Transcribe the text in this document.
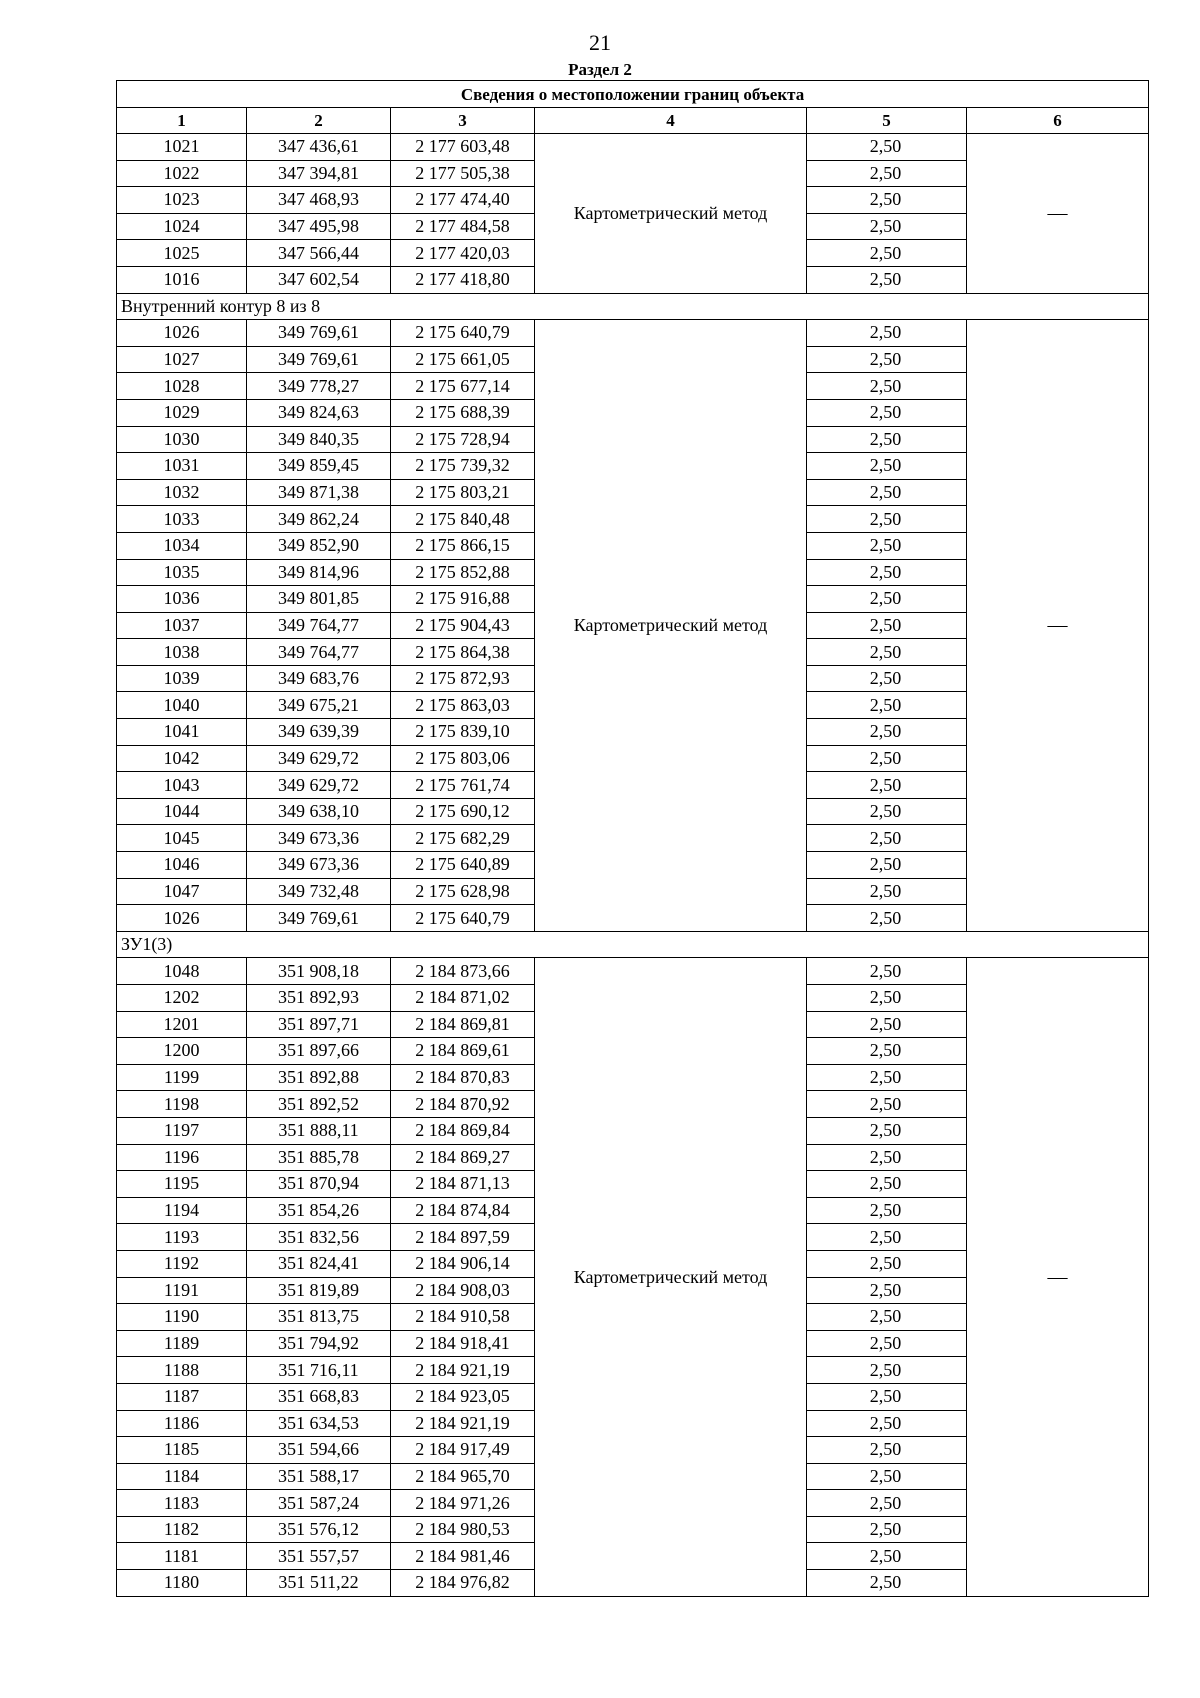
21
Раздел 2
Сведения о местоположении границ объекта					
1	2	3	4	5	6
1021	347 436,61	2 177 603,48	Картометрический метод	2,50	—
1022	347 394,81	2 177 505,38		2,50	
1023	347 468,93	2 177 474,40		2,50	
1024	347 495,98	2 177 484,58		2,50	
1025	347 566,44	2 177 420,03		2,50	
1016	347 602,54	2 177 418,80		2,50	
Внутренний контур 8 из 8					
1026	349 769,61	2 175 640,79	Картометрический метод	2,50	—
1027	349 769,61	2 175 661,05		2,50	
1028	349 778,27	2 175 677,14		2,50	
1029	349 824,63	2 175 688,39		2,50	
1030	349 840,35	2 175 728,94		2,50	
1031	349 859,45	2 175 739,32		2,50	
1032	349 871,38	2 175 803,21		2,50	
1033	349 862,24	2 175 840,48		2,50	
1034	349 852,90	2 175 866,15		2,50	
1035	349 814,96	2 175 852,88		2,50	
1036	349 801,85	2 175 916,88		2,50	
1037	349 764,77	2 175 904,43		2,50	
1038	349 764,77	2 175 864,38		2,50	
1039	349 683,76	2 175 872,93		2,50	
1040	349 675,21	2 175 863,03		2,50	
1041	349 639,39	2 175 839,10		2,50	
1042	349 629,72	2 175 803,06		2,50	
1043	349 629,72	2 175 761,74		2,50	
1044	349 638,10	2 175 690,12		2,50	
1045	349 673,36	2 175 682,29		2,50	
1046	349 673,36	2 175 640,89		2,50	
1047	349 732,48	2 175 628,98		2,50	
1026	349 769,61	2 175 640,79		2,50	
ЗУ1(3)					
1048	351 908,18	2 184 873,66	Картометрический метод	2,50	—
1202	351 892,93	2 184 871,02		2,50	
1201	351 897,71	2 184 869,81		2,50	
1200	351 897,66	2 184 869,61		2,50	
1199	351 892,88	2 184 870,83		2,50	
1198	351 892,52	2 184 870,92		2,50	
1197	351 888,11	2 184 869,84		2,50	
1196	351 885,78	2 184 869,27		2,50	
1195	351 870,94	2 184 871,13		2,50	
1194	351 854,26	2 184 874,84		2,50	
1193	351 832,56	2 184 897,59		2,50	
1192	351 824,41	2 184 906,14		2,50	
1191	351 819,89	2 184 908,03		2,50	
1190	351 813,75	2 184 910,58		2,50	
1189	351 794,92	2 184 918,41		2,50	
1188	351 716,11	2 184 921,19		2,50	
1187	351 668,83	2 184 923,05		2,50	
1186	351 634,53	2 184 921,19		2,50	
1185	351 594,66	2 184 917,49		2,50	
1184	351 588,17	2 184 965,70		2,50	
1183	351 587,24	2 184 971,26		2,50	
1182	351 576,12	2 184 980,53		2,50	
1181	351 557,57	2 184 981,46		2,50	
1180	351 511,22	2 184 976,82		2,50	
